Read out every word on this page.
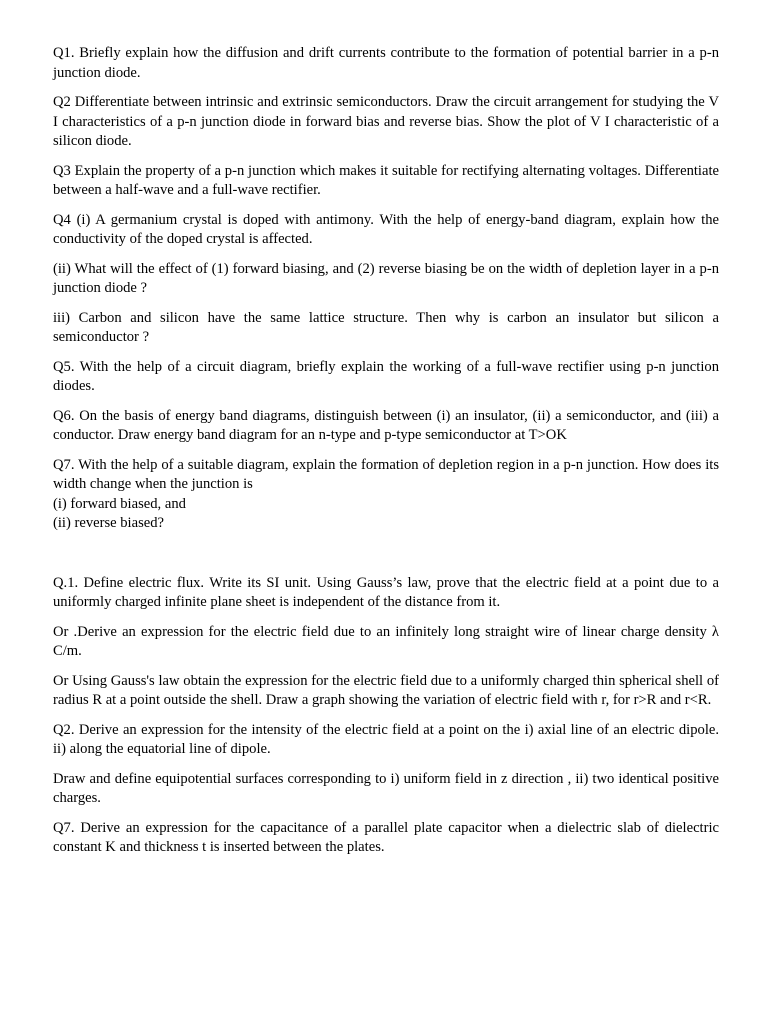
Q1. Briefly explain how the diffusion and drift currents contribute to the formation of potential barrier in a p-n junction diode.

Q2 Differentiate between intrinsic and extrinsic semiconductors. Draw the circuit arrangement for studying the V I characteristics of a p-n junction diode in forward bias and reverse bias. Show the plot of V I characteristic of a silicon diode.

Q3 Explain the property of a p-n junction which makes it suitable for rectifying alternating voltages. Differentiate between a half-wave and a full-wave rectifier.

Q4 (i) A germanium crystal is doped with antimony. With the help of energy-band diagram, explain how the conductivity of the doped crystal is affected.

(ii) What will the effect of (1) forward biasing, and (2) reverse biasing be on the width of depletion layer in a p-n junction diode ?

iii) Carbon and silicon have the same lattice structure. Then why is carbon an insulator but silicon a semiconductor ?

Q5. With the help of a circuit diagram, briefly explain the working of a full-wave rectifier using p-n junction diodes.

Q6. On the basis of energy band diagrams, distinguish between (i) an insulator, (ii) a semiconductor, and (iii) a conductor. Draw energy band diagram for an n-type and p-type semiconductor at T>OK

Q7. With the help of a suitable diagram, explain the formation of depletion region in a p-n junction. How does its width change when the junction is

(i) forward biased, and
(ii) reverse biased?

Q.1. Define electric flux. Write its SI unit. Using Gauss’s law, prove that the electric field at a point due to a uniformly charged infinite plane sheet is independent of the distance from it.

Or .Derive an expression for the electric field due to an infinitely long straight wire of linear charge density λ C/m.

Or Using Gauss's law obtain the expression for the electric field due to a uniformly charged thin spherical shell of radius R at a point outside the shell. Draw a graph showing the variation of electric field with r, for r>R and r<R.

Q2. Derive an expression for the intensity of the electric field at a point on the i) axial line of an electric dipole. ii) along the equatorial line of dipole.

Draw and define equipotential surfaces corresponding to i) uniform field in z direction , ii) two identical positive charges.

Q7. Derive an expression for the capacitance of a parallel plate capacitor when a dielectric slab of dielectric constant K and thickness t is inserted between the plates.
